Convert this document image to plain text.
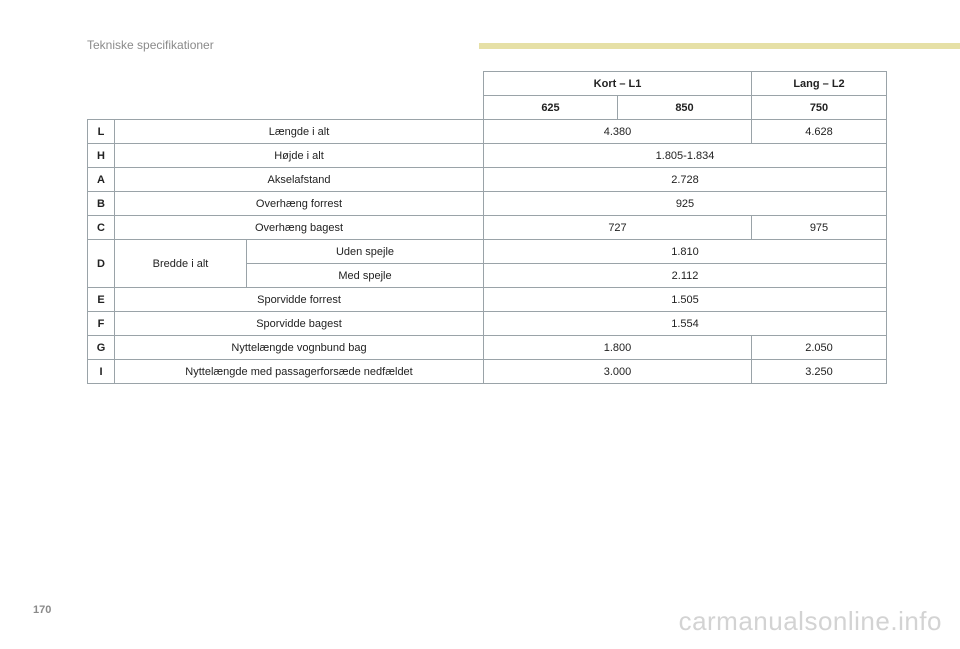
Tekniske specifikationer
			Kort – L1		Lang – L2
			625	850	750
L	Længde i alt		4.380		4.628
H	Højde i alt		1.805-1.834		
A	Akselafstand		2.728		
B	Overhæng forrest		925		
C	Overhæng bagest		727		975
D	Bredde i alt	Uden spejle	1.810		
		Med spejle	2.112		
E	Sporvidde forrest		1.505		
F	Sporvidde bagest		1.554		
G	Nyttelængde vognbund bag		1.800		2.050
I	Nyttelængde med passagerforsæde nedfældet		3.000		3.250
170	carmanualsonline.info
